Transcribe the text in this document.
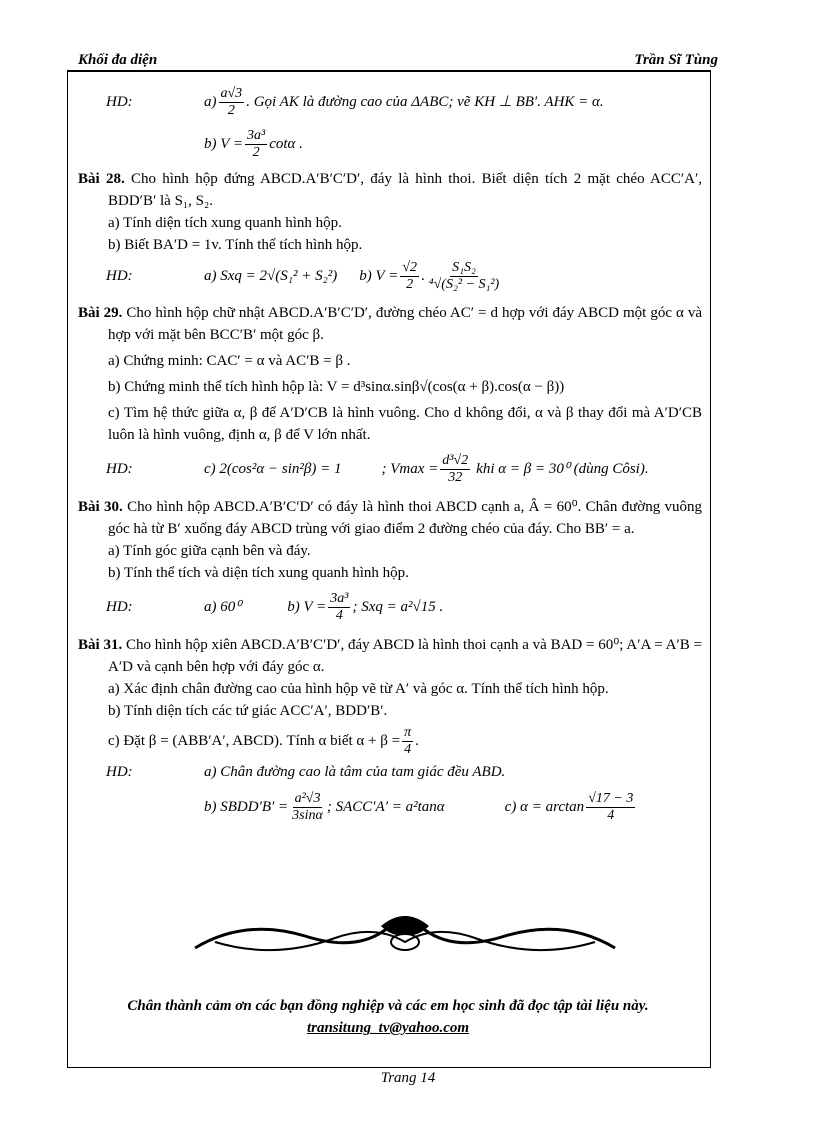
Khối đa diện	Trần Sĩ Tùng
HD:	$a) \frac{a√3}{2}$ . Gọi AK là đường cao của ΔABC; vẽ KH ⊥ BB′. AHK = α.
b) $V = \frac{\text{3a³}}{2}$ cotα .
Bài 28. Cho hình hộp đứng ABCD.A′B′C′D′, đáy là hình thoi. Biết diện tích 2 mặt chéo ACC′A′, BDD′B′ là S₁, S₂.
a) Tính diện tích xung quanh hình hộp.
b) Biết BA′D = 1v. Tính thể tích hình hộp.
HD:	a) Sxq = 2√(S₁² + S₂²) b) $V = \frac{√2}{2}$ . $\frac{\text{S₁S₂}}{\text{⁴√(S₂² − S₁²)}}$
Bài 29. Cho hình hộp chữ nhật ABCD.A′B′C′D′, đường chéo AC′ = d hợp với đáy ABCD một góc α và hợp với mặt bên BCC′B′ một góc β.
a) Chứng minh: CAC′ = α và AC′B = β .
b) Chứng minh thể tích hình hộp là: V = d³sinα.sinβ√(cos(α + β).cos(α − β))
c) Tìm hệ thức giữa α, β để A′D′CB là hình vuông. Cho d không đổi, α và β thay đổi mà A′D′CB luôn là hình vuông, định α, β để V lớn nhất.
HD:	c) 2(cos²α − sin²β) = 1	; $Vmax = \frac{\text{d³√2}}{32}$ khi α = β = 30⁰ (dùng Côsi).
Bài 30. Cho hình hộp ABCD.A′B′C′D′ có đáy là hình thoi ABCD cạnh a, Â = 60⁰. Chân đường vuông góc hà từ B′ xuống đáy ABCD trùng với giao điểm 2 đường chéo của đáy. Cho BB′ = a.
a) Tính góc giữa cạnh bên và đáy.
b) Tính thể tích và diện tích xung quanh hình hộp.
HD:	a) 60⁰	b) $V = \frac{\text{3a³}}{4}$ ; Sxq = a²√15 .
Bài 31. Cho hình hộp xiên ABCD.A′B′C′D′, đáy ABCD là hình thoi cạnh a và BAD = 60⁰; A′A = A′B = A′D và cạnh bên hợp với đáy góc α.
a) Xác định chân đường cao của hình hộp vẽ từ A′ và góc α. Tính thể tích hình hộp.
b) Tính diện tích các tứ giác ACC′A′, BDD′B′.
c) Đặt β = (ABB′A′, ABCD). Tính α biết $\alpha + \beta = \frac{\pi}{4}$ .
HD:	a) Chân đường cao là tâm của tam giác đều ABD.
b) SBDD′B′ = $\frac{\text{a²√3}}{3\sin\alpha}$ ; SACC′A′ = a²tanα	c) $\alpha = \arctan \frac{√17 - 3}{4}$
Chân thành cảm ơn các bạn đồng nghiệp và các em học sinh đã đọc tập tài liệu này.
transitung_tv@yahoo.com
Trang 14
